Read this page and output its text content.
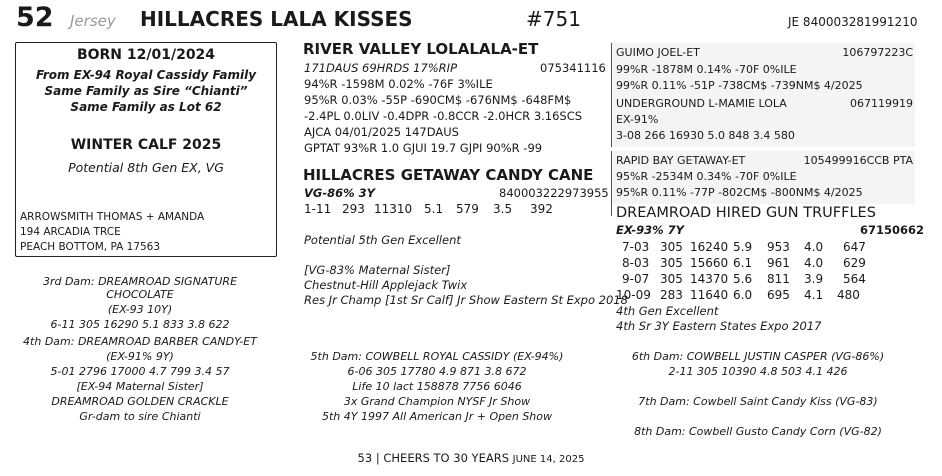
52 Jersey HILLACRES LALA KISSES	#751	JE 840003281991210
BORN 12/01/2024
From EX-94 Royal Cassidy Family
Same Family as Sire “Chianti”
Same Family as Lot 62
WINTER CALF 2025
Potential 8th Gen EX, VG
ARROWSMITH THOMAS + AMANDA
194 ARCADIA TRCE
PEACH BOTTOM, PA 17563
3rd Dam: DREAMROAD SIGNATURE CHOCOLATE
(EX-93 10Y)
6-11 305 16290 5.1 833 3.8 622
4th Dam: DREAMROAD BARBER CANDY-ET
(EX-91% 9Y)
5-01 2796 17000 4.7 799 3.4 57
[EX-94 Maternal Sister]
DREAMROAD GOLDEN CRACKLE
Gr-dam to sire Chianti
RIVER VALLEY LOLALALA-ET
171DAUS 69HRDS 17%RIP	075341116
94%R -1598M 0.02% -76F 3%ILE
95%R 0.03% -55P -690CM$ -676NM$ -648FM$
-2.4PL 0.0LIV -0.4DPR -0.8CCR -2.0HCR 3.16SCS
AJCA 04/01/2025 147DAUS
GPTAT 93%R 1.0 GJUI 19.7 GJPI 90%R -99
HILLACRES GETAWAY CANDY CANE
VG-86% 3Y	840003222973955
1-11 293 11310 5.1 579 3.5 392
Potential 5th Gen Excellent
[VG-83% Maternal Sister]
Chestnut-Hill Applejack Twix
Res Jr Champ [1st Sr Calf] Jr Show Eastern St Expo 2018
GUIMO JOEL-ET	106797223C
99%R -1878M 0.14% -70F 0%ILE
99%R 0.11% -51P -738CM$ -739NM$ 4/2025
UNDERGROUND L-MAMIE LOLA	067119919
EX-91%
3-08 266 16930 5.0 848 3.4 580
RAPID BAY GETAWAY-ET	105499916CCB PTA
95%R -2534M 0.34% -70F 0%ILE
95%R 0.11% -77P -802CM$ -800NM$ 4/2025
DREAMROAD HIRED GUN TRUFFLES
EX-93% 7Y	67150662
7-03 305 16240 5.9 953 4.0 647
8-03 305 15660 6.1 961 4.0 629
9-07 305 14370 5.6 811 3.9 564
10-09 283 11640 6.0 695 4.1 480
4th Gen Excellent
4th Sr 3Y Eastern States Expo 2017
5th Dam: COWBELL ROYAL CASSIDY (EX-94%)
6-06 305 17780 4.9 871 3.8 672
Life 10 lact 158878 7756 6046
3x Grand Champion NYSF Jr Show
5th 4Y 1997 All American Jr + Open Show
6th Dam: COWBELL JUSTIN CASPER (VG-86%)
2-11 305 10390 4.8 503 4.1 426
7th Dam: Cowbell Saint Candy Kiss (VG-83)
8th Dam: Cowbell Gusto Candy Corn (VG-82)
53 | CHEERS TO 30 YEARS JUNE 14, 2025
